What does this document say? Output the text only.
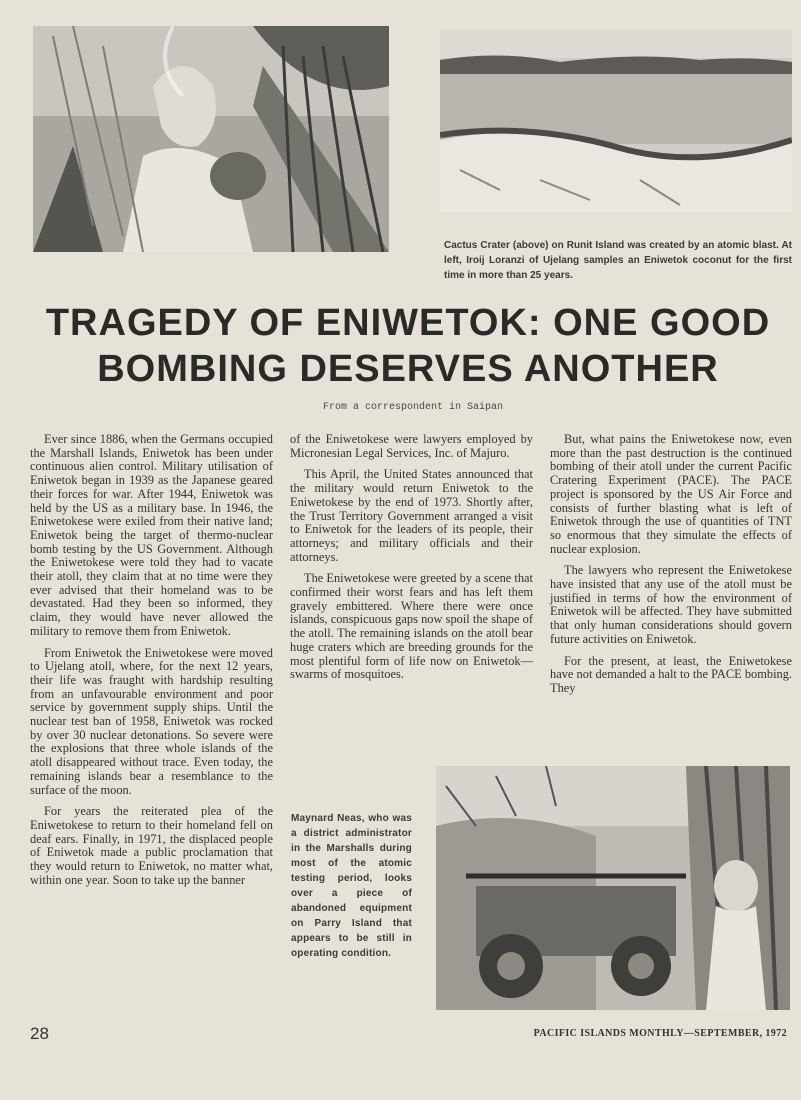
Cactus Crater (above) on Runit Island was created by an atomic blast. At left, Iroij Loranzi of Ujelang samples an Eniwetok coconut for the first time in more than 25 years.

TRAGEDY OF ENIWETOK: ONE GOOD
BOMBING DESERVES ANOTHER
From a correspondent in Saipan

Ever since 1886, when the Germans occupied the Marshall Islands, Eniwetok has been under continuous alien control. Military utilisation of Eniwetok began in 1939 as the Japanese geared their forces for war. After 1944, Eniwetok was held by the US as a military base. In 1946, the Eniwetokese were exiled from their native land; Eniwetok being the target of thermo-nuclear bomb testing by the US Government. Although the Eniwetokese were told they had to vacate their atoll, they claim that at no time were they ever advised that their homeland was to be devastated. Had they been so informed, they claim, they would have never allowed the military to remove them from Eniwetok.

From Eniwetok the Eniwetokese were moved to Ujelang atoll, where, for the next 12 years, their life was fraught with hardship resulting from an unfavourable environment and poor service by government supply ships. Until the nuclear test ban of 1958, Eniwetok was rocked by over 30 nuclear detonations. So severe were the explosions that three whole islands of the atoll disappeared without trace. Even today, the remaining islands bear a resemblance to the surface of the moon.

For years the reiterated plea of the Eniwetokese to return to their homeland fell on deaf ears. Finally, in 1971, the displaced people of Eniwetok made a public proclamation that they would return to Eniwetok, no matter what, within one year. Soon to take up the banner

of the Eniwetokese were lawyers employed by Micronesian Legal Services, Inc. of Majuro.

This April, the United States announced that the military would return Eniwetok to the Eniwetokese by the end of 1973. Shortly after, the Trust Territory Government arranged a visit to Eniwetok for the leaders of its people, their attorneys; and military officials and their attorneys.

The Eniwetokese were greeted by a scene that confirmed their worst fears and has left them gravely embittered. Where there were once islands, conspicuous gaps now spoil the shape of the atoll. The remaining islands on the atoll bear huge craters which are breeding grounds for the most plentiful form of life now on Eniwetok—swarms of mosquitoes.

But, what pains the Eniwetokese now, even more than the past destruction is the continued bombing of their atoll under the current Pacific Cratering Experiment (PACE). The PACE project is sponsored by the US Air Force and consists of further blasting what is left of Eniwetok through the use of quantities of TNT so enormous that they simulate the effects of nuclear explosion.

The lawyers who represent the Eniwetokese have insisted that any use of the atoll must be justified in terms of how the environment of Eniwetok will be affected. They have submitted that only human considerations should govern future activities on Eniwetok.

For the present, at least, the Eniwetokese have not demanded a halt to the PACE bombing. They

Maynard Neas, who was a district administrator in the Marshalls during most of the atomic testing period, looks over a piece of abandoned equipment on Parry Island that appears to be still in operating condition.

28	PACIFIC ISLANDS MONTHLY—SEPTEMBER, 1972
